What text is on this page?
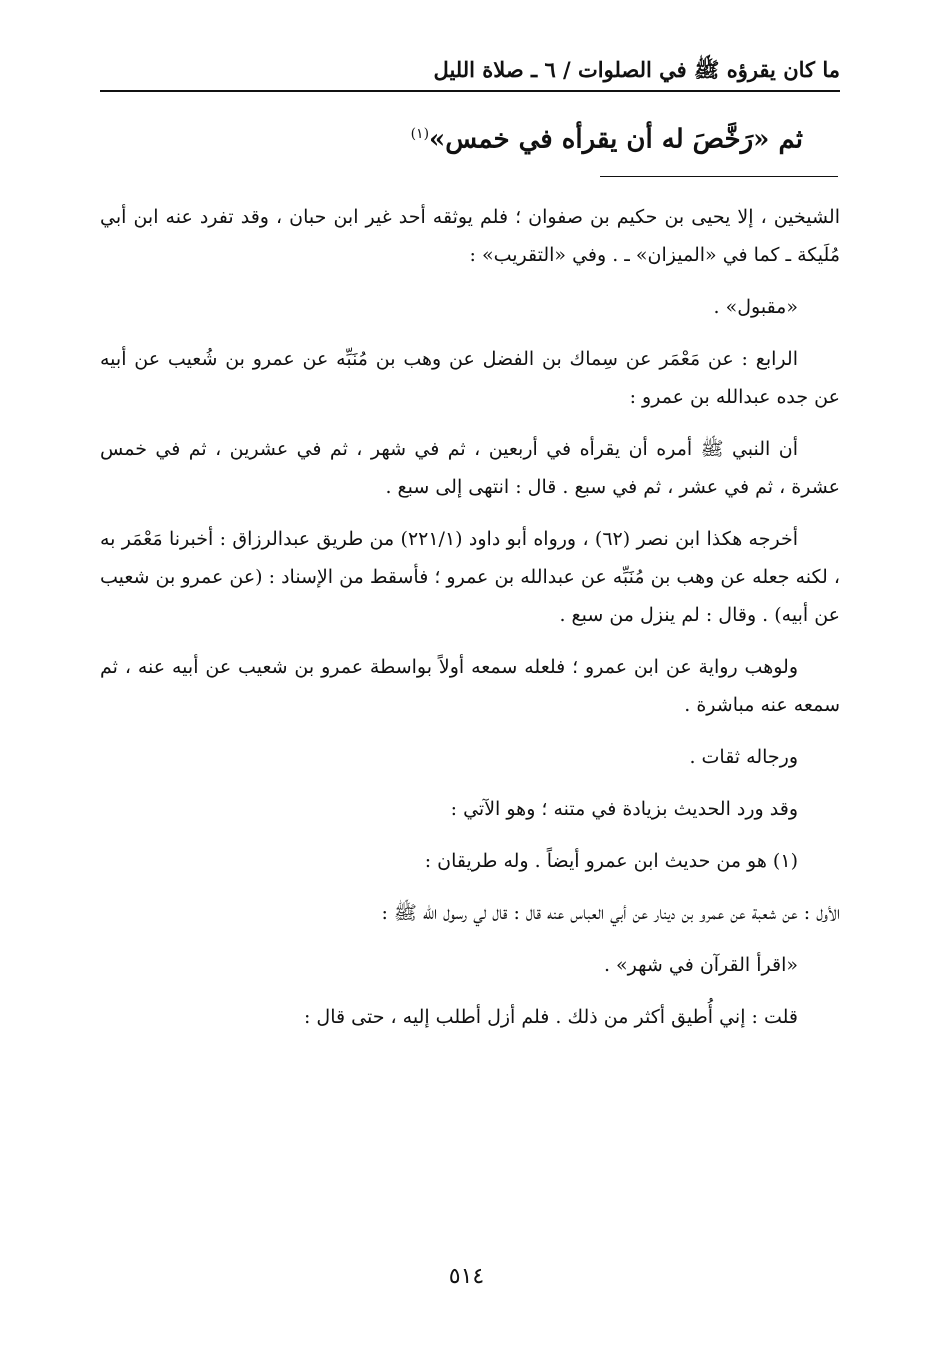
ما كان يقرؤه ﷺ في الصلوات / ٦ ـ صلاة الليل
ثم «رَخَّصَ له أن يقرأه في خمس»$^{(١)}$

الشيخين ، إلا يحيى بن حكيم بن صفوان ؛ فلم يوثقه أحد غير ابن حبان ، وقد تفرد عنه ابن أبي مُلَيكة ـ كما في «الميزان» ـ . وفي «التقريب» :

«مقبول» .

الرابع : عن مَعْمَر عن سِماك بن الفضل عن وهب بن مُنَبِّه عن عمرو بن شُعيب عن أبيه عن جده عبدالله بن عمرو :

أن النبي ﷺ أمره أن يقرأه في أربعين ، ثم في شهر ، ثم في عشرين ، ثم في خمس عشرة ، ثم في عشر ، ثم في سبع . قال : انتهى إلى سبع .

أخرجه هكذا ابن نصر (٦٢) ، ورواه أبو داود (٢٢١/١) من طريق عبدالرزاق : أخبرنا مَعْمَر به ، لكنه جعله عن وهب بن مُنَبِّه عن عبدالله بن عمرو ؛ فأسقط من الإسناد : (عن عمرو بن شعيب عن أبيه) . وقال : لم ينزل من سبع .

ولوهب رواية عن ابن عمرو ؛ فلعله سمعه أولاً بواسطة عمرو بن شعيب عن أبيه عنه ، ثم سمعه عنه مباشرة .

ورجاله ثقات .

وقد ورد الحديث بزيادة في متنه ؛ وهو الآتي :

(١) هو من حديث ابن عمرو أيضاً . وله طريقان :

الأول : عن شعبة عن عمرو بن دينار عن أبي العباس عنه قال : قال لي رسول الله ﷺ :

«اقرأ القرآن في شهر» .

قلت : إني أُطيق أكثر من ذلك . فلم أزل أطلب إليه ، حتى قال :

٥١٤
